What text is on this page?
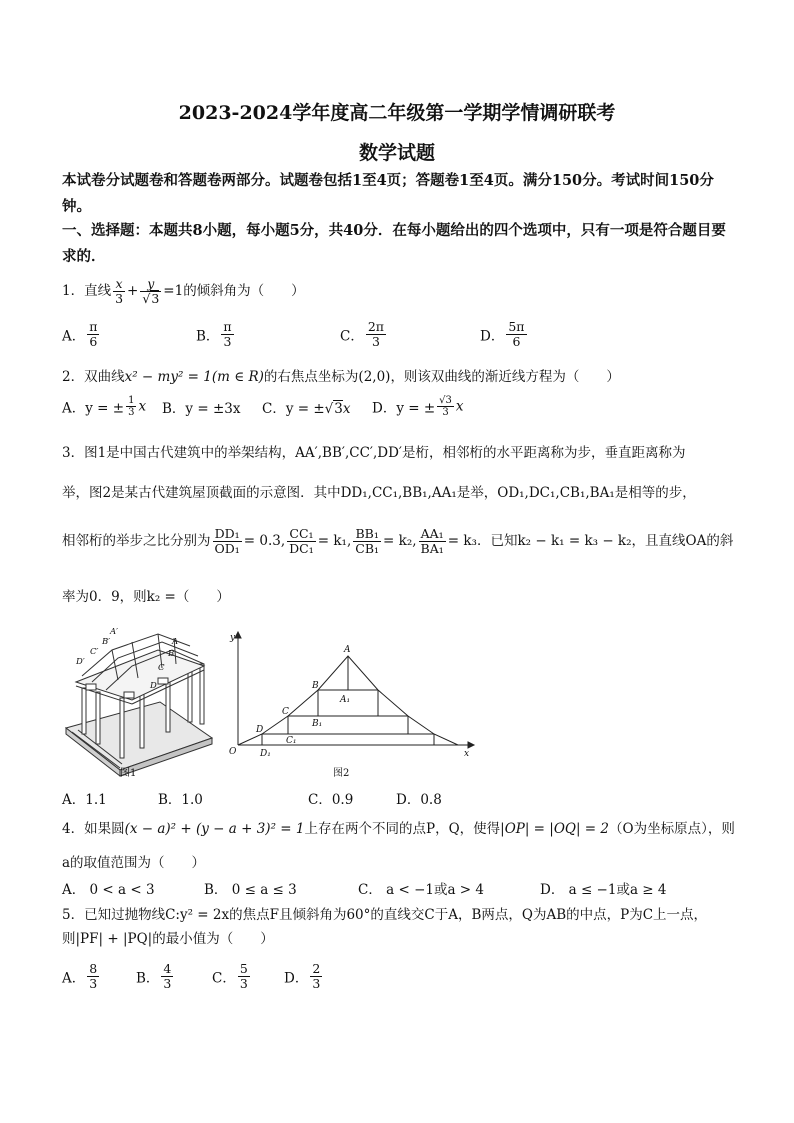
2023-2024学年度高二年级第一学期学情调研联考
数学试题
本试卷分试题卷和答题卷两部分。试题卷包括1至4页；答题卷1至4页。满分150分。考试时间150分钟。
一、选择题：本题共8小题，每小题5分，共40分．在每小题给出的四个选项中，只有一项是符合题目要求的．
1．直线 $\frac{x}{3} + \frac{y}{√3} =1$的倾斜角为（　　）
A． $\frac{\pi}{6}$	B． $\frac{\pi}{3}$	C． $\frac{2\pi}{3}$	D． $\frac{5\pi}{6}$
2．双曲线x² − my² = 1(m ∈ R)的右焦点坐标为(2,0)，则该双曲线的渐近线方程为（　　）
A．y = ± $\frac{1}{3}$ x B．y = ±3x C．y = ±√3x D．y = ± $\frac{√3}{3}$ x
3．图1是中国古代建筑中的举架结构，AA′,BB′,CC′,DD′是桁，相邻桁的水平距离称为步，垂直距离称为
举，图2是某古代建筑屋顶截面的示意图．其中DD₁,CC₁,BB₁,AA₁是举，OD₁,DC₁,CB₁,BA₁是相等的步，
相邻桁的举步之比分别为 $\frac{\text{DD₁}}{\text{OD₁}} = 0.3$, $\frac{\text{CC₁}}{\text{DC₁}} = k_1$, $\frac{\text{BB₁}}{\text{CB₁}} = k_2$, $\frac{\text{AA₁}}{\text{BA₁}} = k_3$．已知k₂ − k₁ = k₃ − k₂，且直线OA的斜
率为0．9，则k₂ =（　　）
A′
B′
C′
D′
A
B
C
D
图1
y
x
O
A
B
C
D
A₁
B₁
C₁
D₁
图2
A．1.1	B．1.0	C．0.9	D．0.8
4．如果圆(x − a)² + (y − a + 3)² = 1上存在两个不同的点P，Q，使得|OP| = |OQ| = 2（O为坐标原点），则
a的取值范围为（　　）
A． 0 < a < 3	B． 0 ≤ a ≤ 3	C． a < −1或a > 4	D． a ≤ −1或a ≥ 4
5．已知过抛物线C:y² = 2x的焦点F且倾斜角为60°的直线交C于A，B两点，Q为AB的中点，P为C上一点，
则|PF| + |PQ|的最小值为（　　）
A． $\frac{8}{3}$	B． $\frac{4}{3}$	C． $\frac{5}{3}$	D． $\frac{2}{3}$
